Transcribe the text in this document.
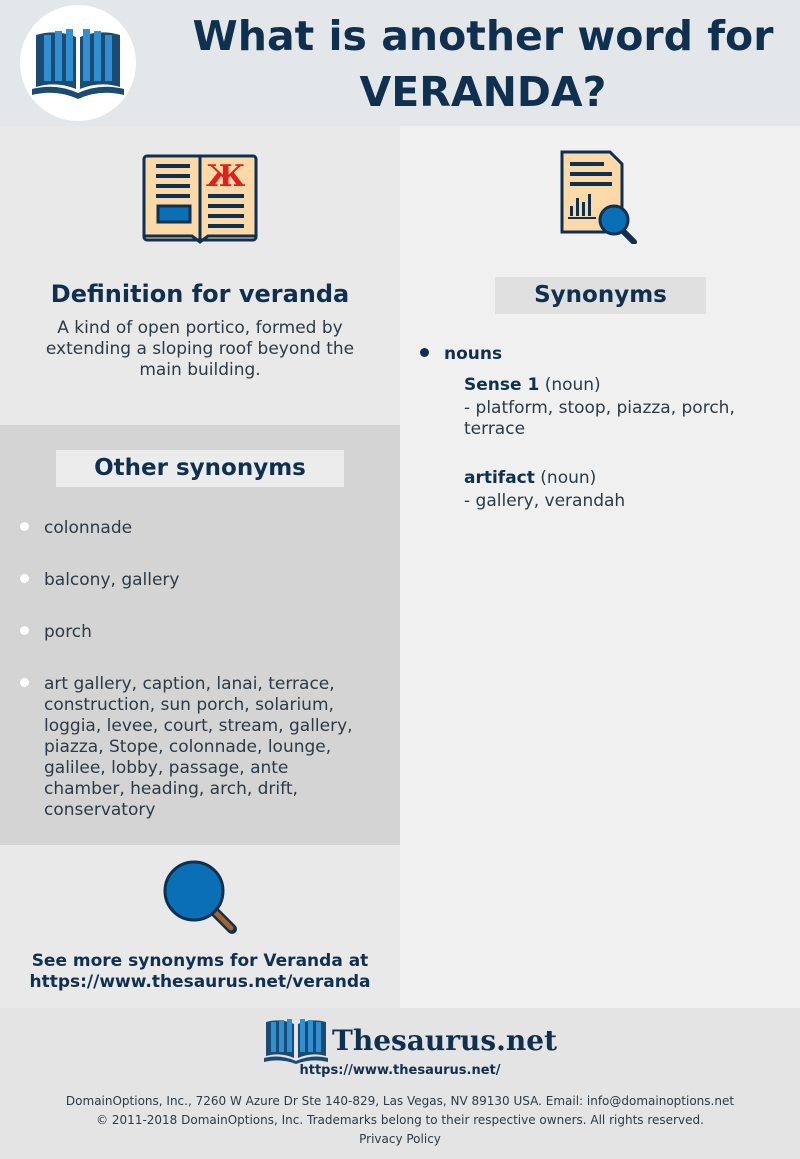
What is another word for
VERANDA?
Ж
Definition for veranda
A kind of open portico, formed by extending a sloping roof beyond the main building.
Other synonyms
colonnade
balcony, gallery
porch
art gallery, caption, lanai, terrace, construction, sun porch, solarium, loggia, levee, court, stream, gallery, piazza, Stope, colonnade, lounge, galilee, lobby, passage, ante chamber, heading, arch, drift, conservatory
See more synonyms for Veranda at
https://www.thesaurus.net/veranda
Synonyms
nouns
Sense 1 (noun)
- platform, stoop, piazza, porch, terrace
artifact (noun)
- gallery, verandah
Thesaurus.net
https://www.thesaurus.net/
DomainOptions, Inc., 7260 W Azure Dr Ste 140-829, Las Vegas, NV 89130 USA. Email: info@domainoptions.net
© 2011-2018 DomainOptions, Inc. Trademarks belong to their respective owners. All rights reserved.
Privacy Policy
